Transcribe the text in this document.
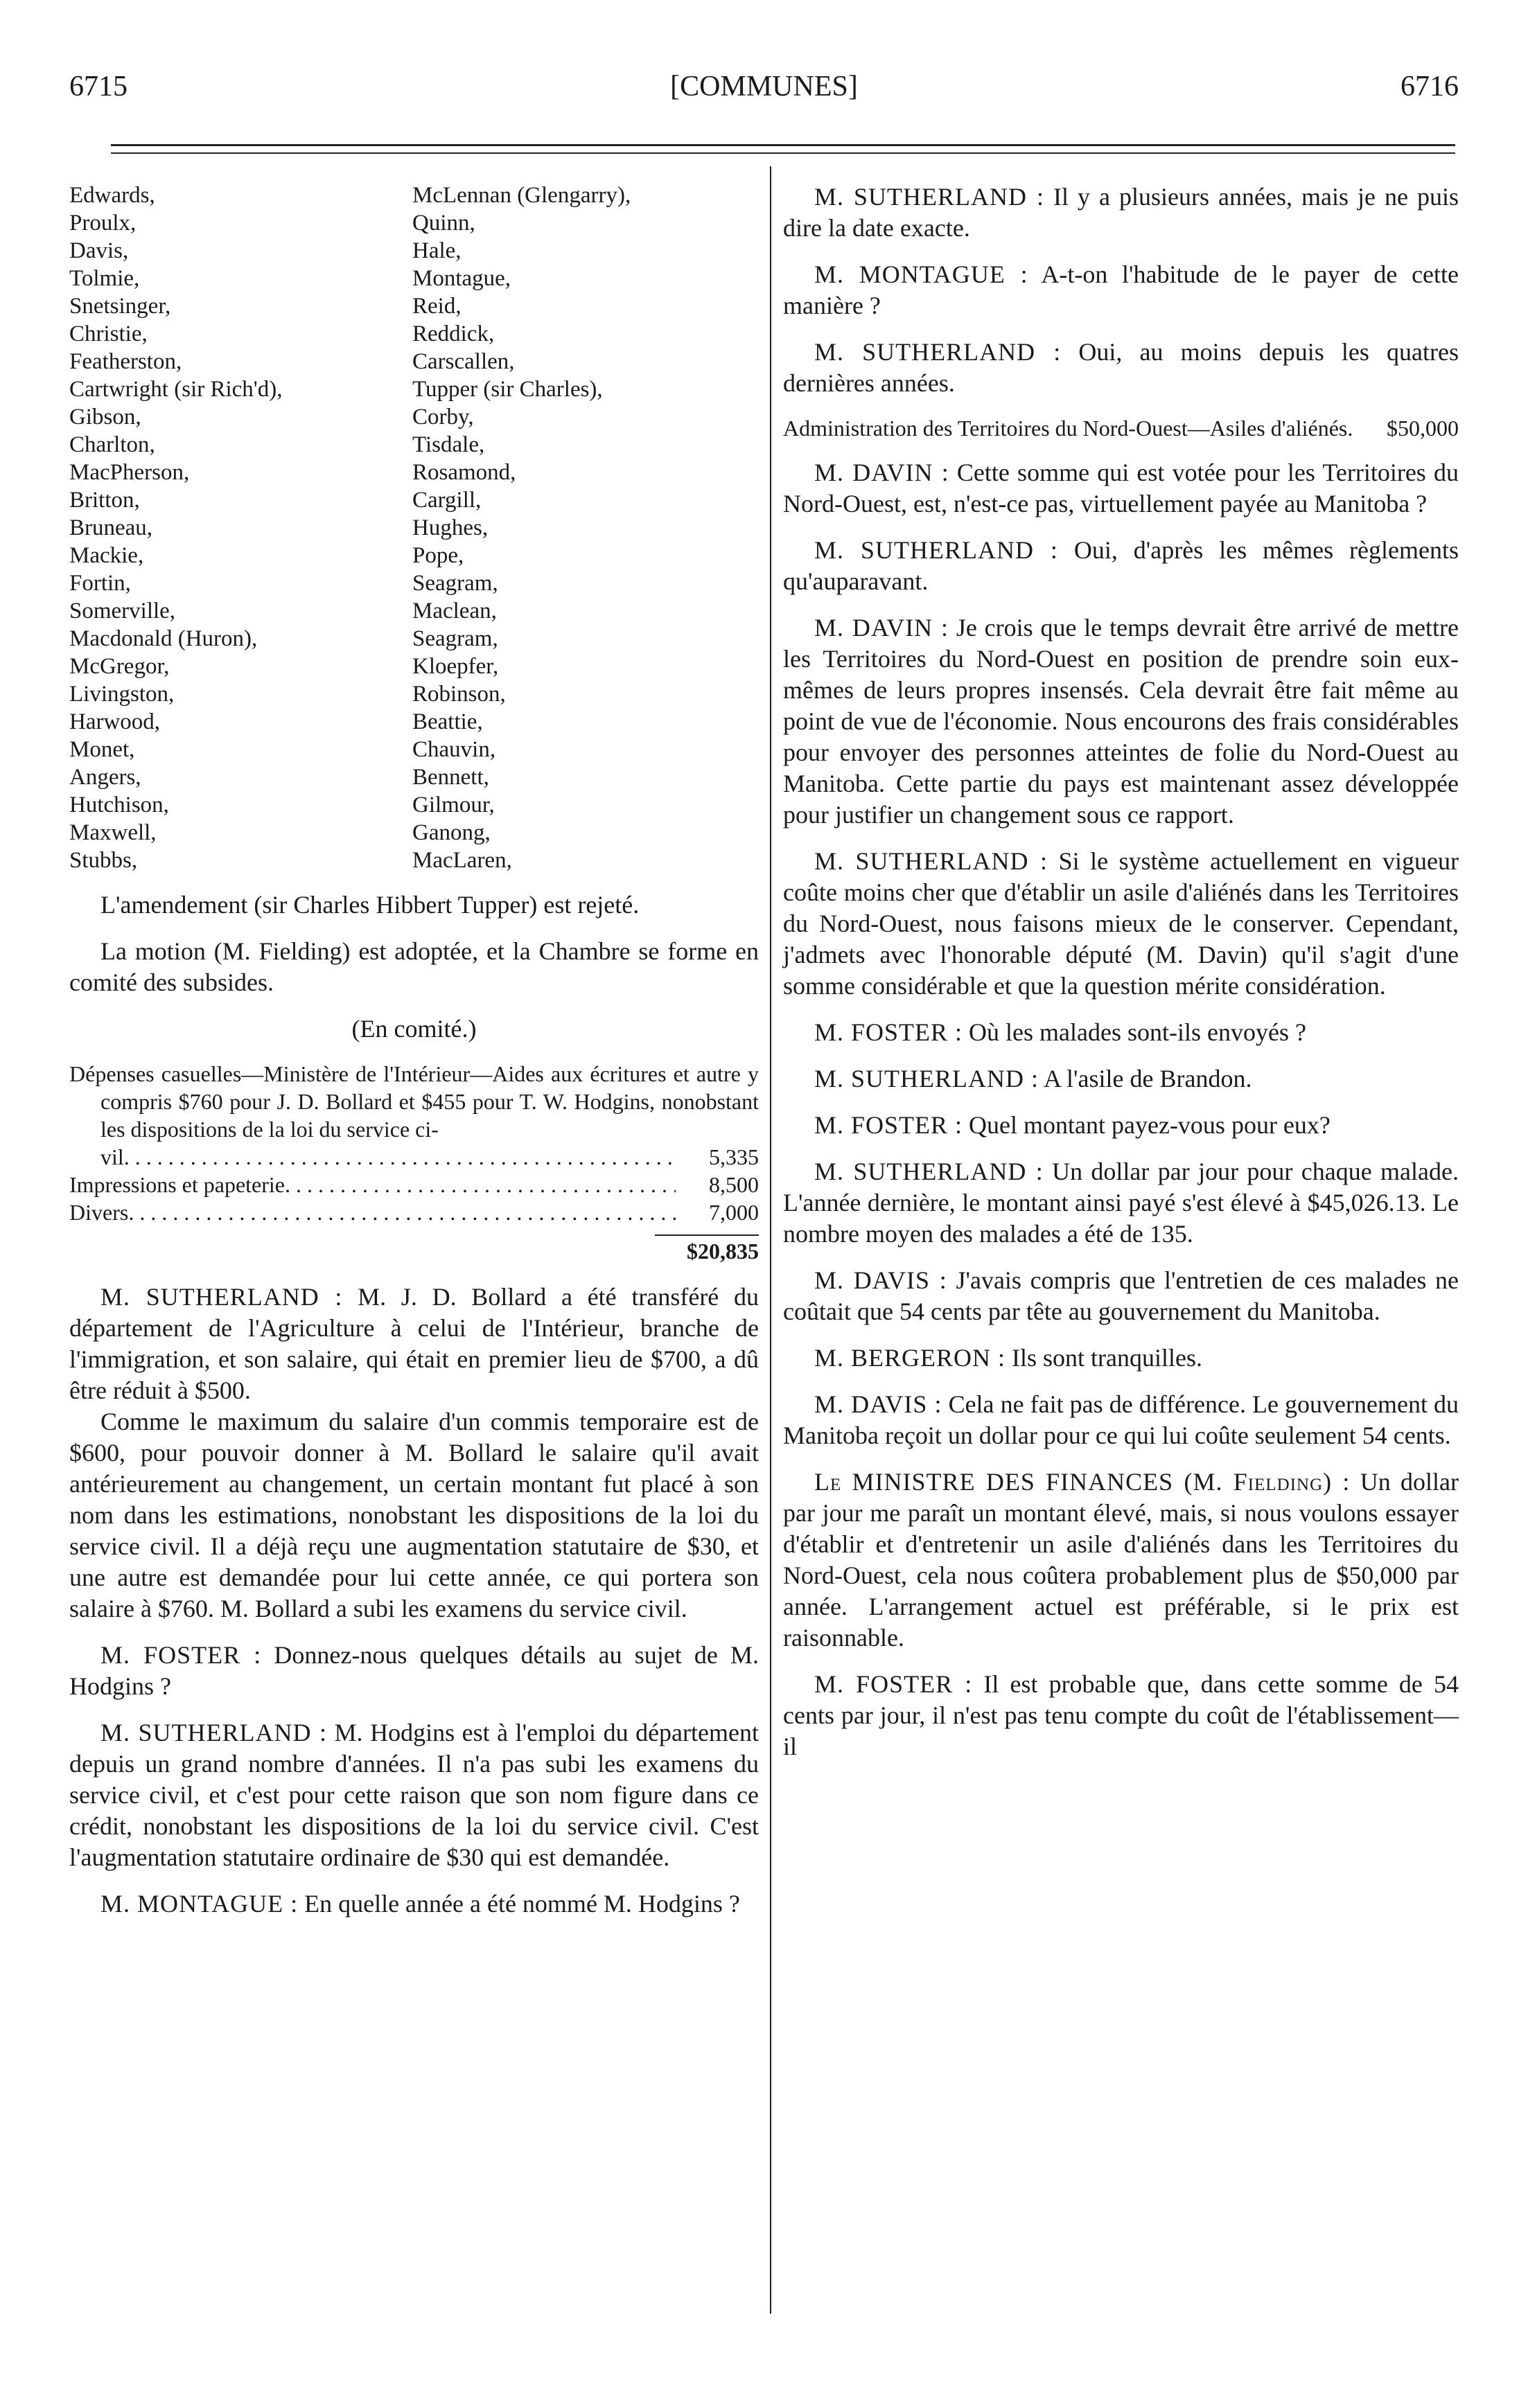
6715	[COMMUNES]	6716
Edwards,	McLennan (Glengarry),
Proulx,	Quinn,
Davis,	Hale,
Tolmie,	Montague,
Snetsinger,	Reid,
Christie,	Reddick,
Featherston,	Carscallen,
Cartwright (sir Rich'd),	Tupper (sir Charles),
Gibson,	Corby,
Charlton,	Tisdale,
MacPherson,	Rosamond,
Britton,	Cargill,
Bruneau,	Hughes,
Mackie,	Pope,
Fortin,	Seagram,
Somerville,	Maclean,
Macdonald (Huron),	Seagram,
McGregor,	Kloepfer,
Livingston,	Robinson,
Harwood,	Beattie,
Monet,	Chauvin,
Angers,	Bennett,
Hutchison,	Gilmour,
Maxwell,	Ganong,
Stubbs,	MacLaren,

L'amendement (sir Charles Hibbert Tupper) est rejeté.

La motion (M. Fielding) est adoptée, et la Chambre se forme en comité des subsides.

(En comité.)

Dépenses casuelles—Ministère de l'Intérieur—Aides aux écritures et autre y compris $760 pour J. D. Bollard et $455 pour T. W. Hodgins, nonobstant les dispositions de la loi du service ci-
vil . . .	5,335
Impressions et papeterie . . .	8,500
Divers . . .	7,000
$20,835

M. SUTHERLAND : M. J. D. Bollard a été transféré du département de l'Agriculture à celui de l'Intérieur, branche de l'immigration, et son salaire, qui était en premier lieu de $700, a dû être réduit à $500.

Comme le maximum du salaire d'un commis temporaire est de $600, pour pouvoir donner à M. Bollard le salaire qu'il avait antérieurement au changement, un certain montant fut placé à son nom dans les estimations, nonobstant les dispositions de la loi du service civil. Il a déjà reçu une augmentation statutaire de $30, et une autre est demandée pour lui cette année, ce qui portera son salaire à $760. M. Bollard a subi les examens du service civil.

M. FOSTER : Donnez-nous quelques détails au sujet de M. Hodgins ?

M. SUTHERLAND : M. Hodgins est à l'emploi du département depuis un grand nombre d'années. Il n'a pas subi les examens du service civil, et c'est pour cette raison que son nom figure dans ce crédit, nonobstant les dispositions de la loi du service civil. C'est l'augmentation statutaire ordinaire de $30 qui est demandée.

M. MONTAGUE : En quelle année a été nommé M. Hodgins ?

M. SUTHERLAND : Il y a plusieurs années, mais je ne puis dire la date exacte.

M. MONTAGUE : A-t-on l'habitude de le payer de cette manière ?

M. SUTHERLAND : Oui, au moins depuis les quatres dernières années.

Administration des Territoires du Nord-Ouest—Asiles d'aliénés . . .	$50,000

M. DAVIN : Cette somme qui est votée pour les Territoires du Nord-Ouest, est, n'est-ce pas, virtuellement payée au Manitoba ?

M. SUTHERLAND : Oui, d'après les mêmes règlements qu'auparavant.

M. DAVIN : Je crois que le temps devrait être arrivé de mettre les Territoires du Nord-Ouest en position de prendre soin eux-mêmes de leurs propres insensés. Cela devrait être fait même au point de vue de l'économie. Nous encourons des frais considérables pour envoyer des personnes atteintes de folie du Nord-Ouest au Manitoba. Cette partie du pays est maintenant assez développée pour justifier un changement sous ce rapport.

M. SUTHERLAND : Si le système actuellement en vigueur coûte moins cher que d'établir un asile d'aliénés dans les Territoires du Nord-Ouest, nous faisons mieux de le conserver. Cependant, j'admets avec l'honorable député (M. Davin) qu'il s'agit d'une somme considérable et que la question mérite considération.

M. FOSTER : Où les malades sont-ils envoyés ?

M. SUTHERLAND : A l'asile de Brandon.

M. FOSTER : Quel montant payez-vous pour eux?

M. SUTHERLAND : Un dollar par jour pour chaque malade. L'année dernière, le montant ainsi payé s'est élevé à $45,026.13. Le nombre moyen des malades a été de 135.

M. DAVIS : J'avais compris que l'entretien de ces malades ne coûtait que 54 cents par tête au gouvernement du Manitoba.

M. BERGERON : Ils sont tranquilles.

M. DAVIS : Cela ne fait pas de différence. Le gouvernement du Manitoba reçoit un dollar pour ce qui lui coûte seulement 54 cents.

Le MINISTRE DES FINANCES (M. Fielding) : Un dollar par jour me paraît un montant élevé, mais, si nous voulons essayer d'établir et d'entretenir un asile d'aliénés dans les Territoires du Nord-Ouest, cela nous coûtera probablement plus de $50,000 par année. L'arrangement actuel est préférable, si le prix est raisonnable.

M. FOSTER : Il est probable que, dans cette somme de 54 cents par jour, il n'est pas tenu compte du coût de l'établissement—il
